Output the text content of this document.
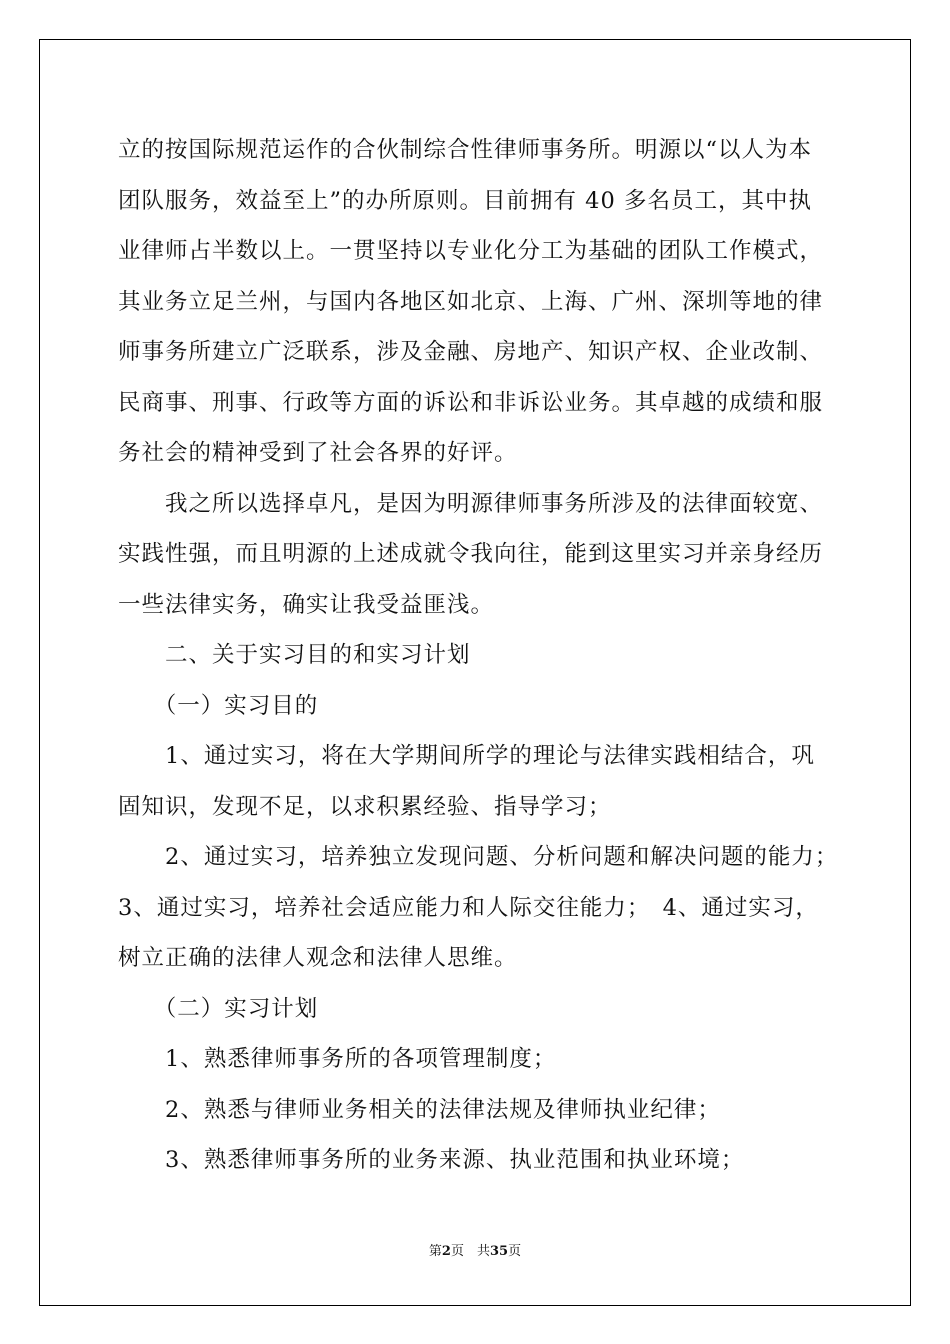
立的按国际规范运作的合伙制综合性律师事务所。明源以“以人为本

团队服务，效益至上”的办所原则。目前拥有 40 多名员工，其中执

业律师占半数以上。一贯坚持以专业化分工为基础的团队工作模式，

其业务立足兰州，与国内各地区如北京、上海、广州、深圳等地的律

师事务所建立广泛联系，涉及金融、房地产、知识产权、企业改制、

民商事、刑事、行政等方面的诉讼和非诉讼业务。其卓越的成绩和服

务社会的精神受到了社会各界的好评。

　　我之所以选择卓凡，是因为明源律师事务所涉及的法律面较宽、

实践性强，而且明源的上述成就令我向往，能到这里实习并亲身经历

一些法律实务，确实让我受益匪浅。

　　二、关于实习目的和实习计划

　　（一）实习目的

　　1、通过实习，将在大学期间所学的理论与法律实践相结合，巩

固知识，发现不足，以求积累经验、指导学习；

　　2、通过实习，培养独立发现问题、分析问题和解决问题的能力；

3、通过实习，培养社会适应能力和人际交往能力；　4、通过实习，

树立正确的法律人观念和法律人思维。

　　（二）实习计划

　　1、熟悉律师事务所的各项管理制度；

　　2、熟悉与律师业务相关的法律法规及律师执业纪律；

　　3、熟悉律师事务所的业务来源、执业范围和执业环境；

第2页　共35页
